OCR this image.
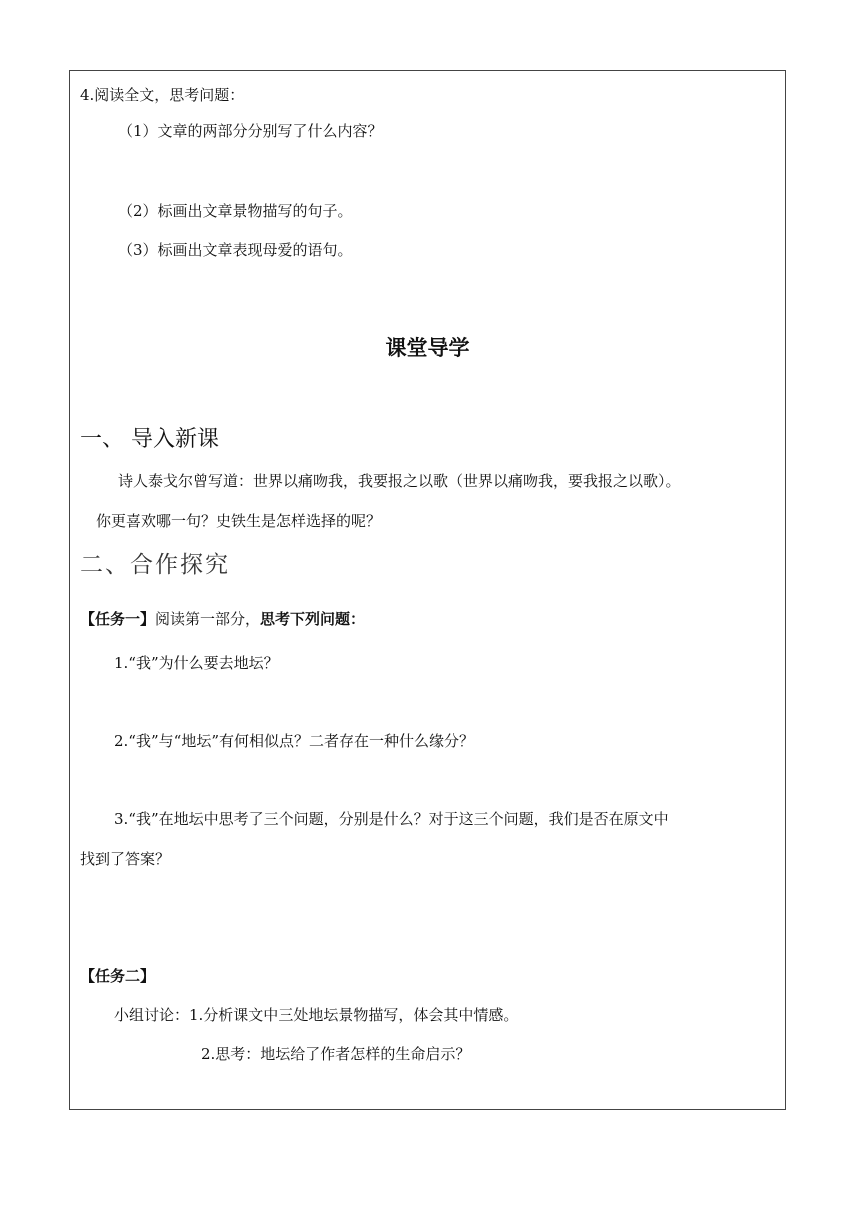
4.阅读全文，思考问题：
（1）文章的两部分分别写了什么内容？
（2）标画出文章景物描写的句子。
（3）标画出文章表现母爱的语句。
课堂导学
一、 导入新课
诗人泰戈尔曾写道：世界以痛吻我，我要报之以歌（世界以痛吻我，要我报之以歌）。
你更喜欢哪一句？史铁生是怎样选择的呢？
二、合作探究
【任务一】阅读第一部分，思考下列问题：
1.“我”为什么要去地坛？
2.“我”与“地坛”有何相似点？二者存在一种什么缘分？
3.“我”在地坛中思考了三个问题，分别是什么？对于这三个问题，我们是否在原文中
找到了答案？
【任务二】
小组讨论：1.分析课文中三处地坛景物描写，体会其中情感。
2.思考：地坛给了作者怎样的生命启示？
